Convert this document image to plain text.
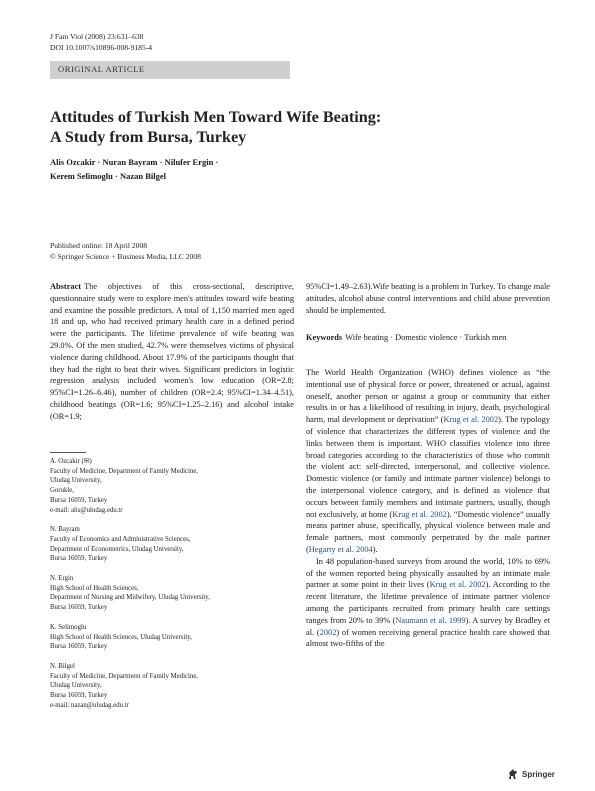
J Fam Viol (2008) 23:631–638
DOI 10.1007/s10896-008-9185-4
ORIGINAL ARTICLE
Attitudes of Turkish Men Toward Wife Beating:
A Study from Bursa, Turkey
Alis Ozcakir · Nuran Bayram · Nilufer Ergin ·
Kerem Selimoglu · Nazan Bilgel
Published online: 18 April 2008
© Springer Science + Business Media, LLC 2008
Abstract The objectives of this cross-sectional, descriptive, questionnaire study were to explore men's attitudes toward wife beating and examine the possible predictors. A total of 1,150 married men aged 18 and up, who had received primary health care in a defined period were the participants. The lifetime prevalence of wife beating was 29.0%. Of the men studied, 42.7% were themselves victims of physical violence during childhood. About 17.9% of the participants thought that they had the right to beat their wives. Significant predictors in logistic regression analysis included women's low education (OR=2.8; 95%CI=1.26–6.46), number of children (OR=2.4; 95%CI=1.34–4.51), childhood beatings (OR=1.6; 95%CI=1.25–2.16) and alcohol intake (OR=1.9;
A. Ozcakir (✉)
Faculty of Medicine, Department of Family Medicine,
Uludag University,
Gorukle,
Bursa 16059, Turkey
e-mail: alis@uludag.edu.tr
N. Bayram
Faculty of Economics and Administrative Sciences,
Department of Econometrics, Uludag University,
Bursa 16059, Turkey
N. Ergin
High School of Health Sciences,
Department of Nursing and Midwifery, Uludag University,
Bursa 16059, Turkey
K. Selimoglu
High School of Health Sciences, Uludag University,
Bursa 16059, Turkey
N. Bilgel
Faculty of Medicine, Department of Family Medicine,
Uludag University,
Bursa 16059, Turkey
e-mail: nazan@uludag.edu.tr
95%CI=1.49–2.63).Wife beating is a problem in Turkey. To change male attitudes, alcohol abuse control interventions and child abuse prevention should be implemented.
Keywords Wife beating · Domestic violence · Turkish men

The World Health Organization (WHO) defines violence as “the intentional use of physical force or power, threatened or actual, against oneself, another person or against a group or community that either results in or has a likelihood of resulting in injury, death, psychological harm, mal development or deprivation” (Krug et al. 2002). The typology of violence that characterizes the different types of violence and the links between them is important. WHO classifies violence into three broad categories according to the characteristics of those who commit the violent act: self-directed, interpersonal, and collective violence. Domestic violence (or family and intimate partner violence) belongs to the interpersonal violence category, and is defined as violence that occurs between family members and intimate partners, usually, though not exclusively, at home (Krug et al. 2002). “Domestic violence” usually means partner abuse, specifically, physical violence between male and female partners, most commonly perpetrated by the male partner (Hegarty et al. 2004).

In 48 population-based surveys from around the world, 10% to 69% of the women reported being physically assaulted by an intimate male partner at some point in their lives (Krug et al. 2002). According to the recent literature, the lifetime prevalence of intimate partner violence among the participants recruited from primary health care settings ranges from 20% to 39% (Naumann et al. 1999). A survey by Bradley et al. (2002) of women receiving general practice health care showed that almost two-fifths of the

Springer
